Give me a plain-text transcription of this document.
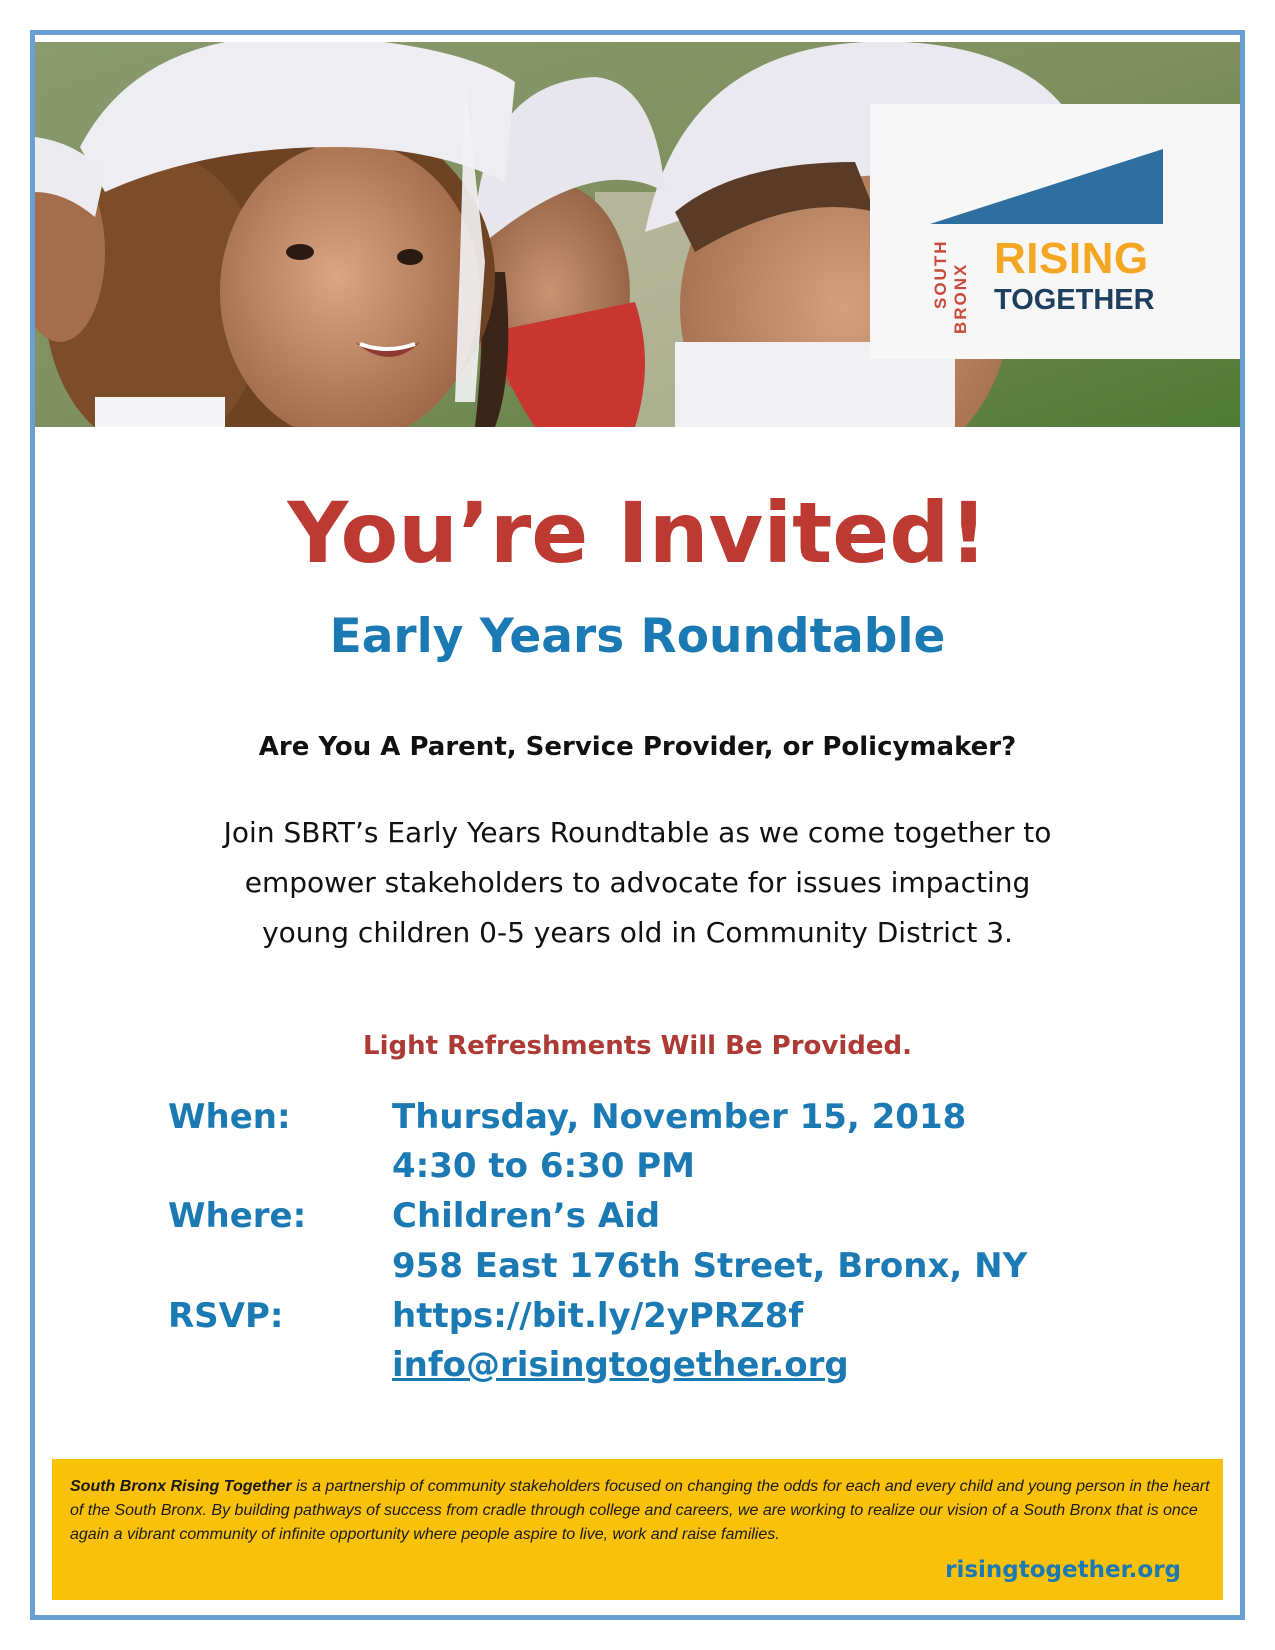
SOUTH BRONX
RISING
TOGETHER
You’re Invited!
Early Years Roundtable

Are You A Parent, Service Provider, or Policymaker?

Join SBRT’s Early Years Roundtable as we come together to

empower stakeholders to advocate for issues impacting

young children 0-5 years old in Community District 3.

Light Refreshments Will Be Provided.

When:	Thursday, November 15, 2018

4:30 to 6:30 PM

Where:	Children’s Aid

958 East 176th Street, Bronx, NY

RSVP:	https://bit.ly/2yPRZ8f

info@risingtogether.org

South Bronx Rising Together is a partnership of community stakeholders focused on changing the odds for each and every child and young person in the heart of the South Bronx. By building pathways of success from cradle through college and careers, we are working to realize our vision of a South Bronx that is once again a vibrant community of infinite opportunity where people aspire to live, work and raise families.

risingtogether.org
